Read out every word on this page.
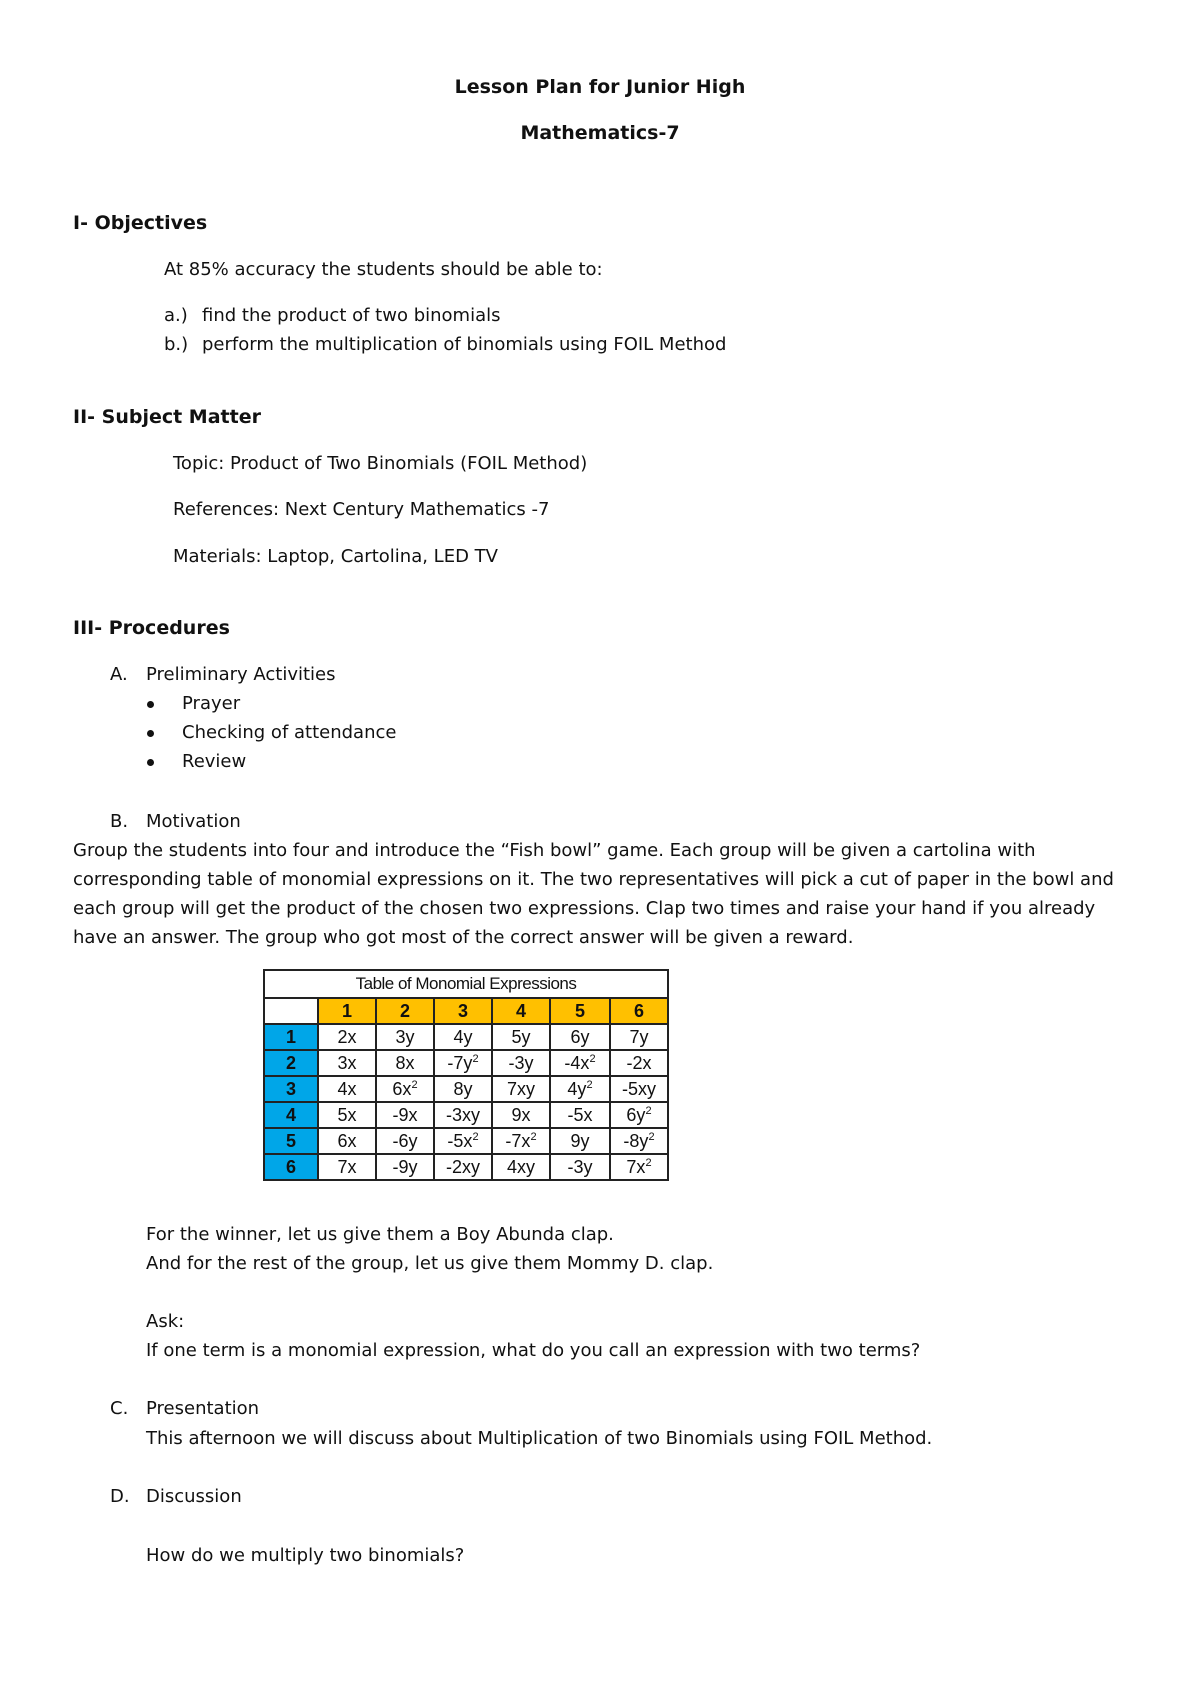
Lesson Plan for Junior High
Mathematics-7
I- Objectives
At 85% accuracy the students should be able to:
a.) find the product of two binomials
b.) perform the multiplication of binomials using FOIL Method
II- Subject Matter
Topic: Product of Two Binomials (FOIL Method)
References: Next Century Mathematics -7
Materials: Laptop, Cartolina, LED TV
III- Procedures
A. Preliminary Activities
Prayer
Checking of attendance
Review
B. Motivation
Group the students into four and introduce the “Fish bowl” game. Each group will be given a cartolina with corresponding table of monomial expressions on it. The two representatives will pick a cut of paper in the bowl and each group will get the product of the chosen two expressions. Clap two times and raise your hand if you already have an answer. The group who got most of the correct answer will be given a reward.
Table of Monomial Expressions						
	1	2	3	4	5	6
1	2x	3y	4y	5y	6y	7y
2	3x	8x	$-7y^2$	-3y	$-4x^2$	-2x
3	4x	$6x^2$	8y	7xy	$4y^2$	-5xy
4	5x	-9x	-3xy	9x	-5x	$6y^2$
5	6x	-6y	$-5x^2$	$-7x^2$	9y	$-8y^2$
6	7x	-9y	-2xy	4xy	-3y	$7x^2$
For the winner, let us give them a Boy Abunda clap.
And for the rest of the group, let us give them Mommy D. clap.
Ask:
If one term is a monomial expression, what do you call an expression with two terms?
C. Presentation
This afternoon we will discuss about Multiplication of two Binomials using FOIL Method.
D. Discussion
How do we multiply two binomials?
